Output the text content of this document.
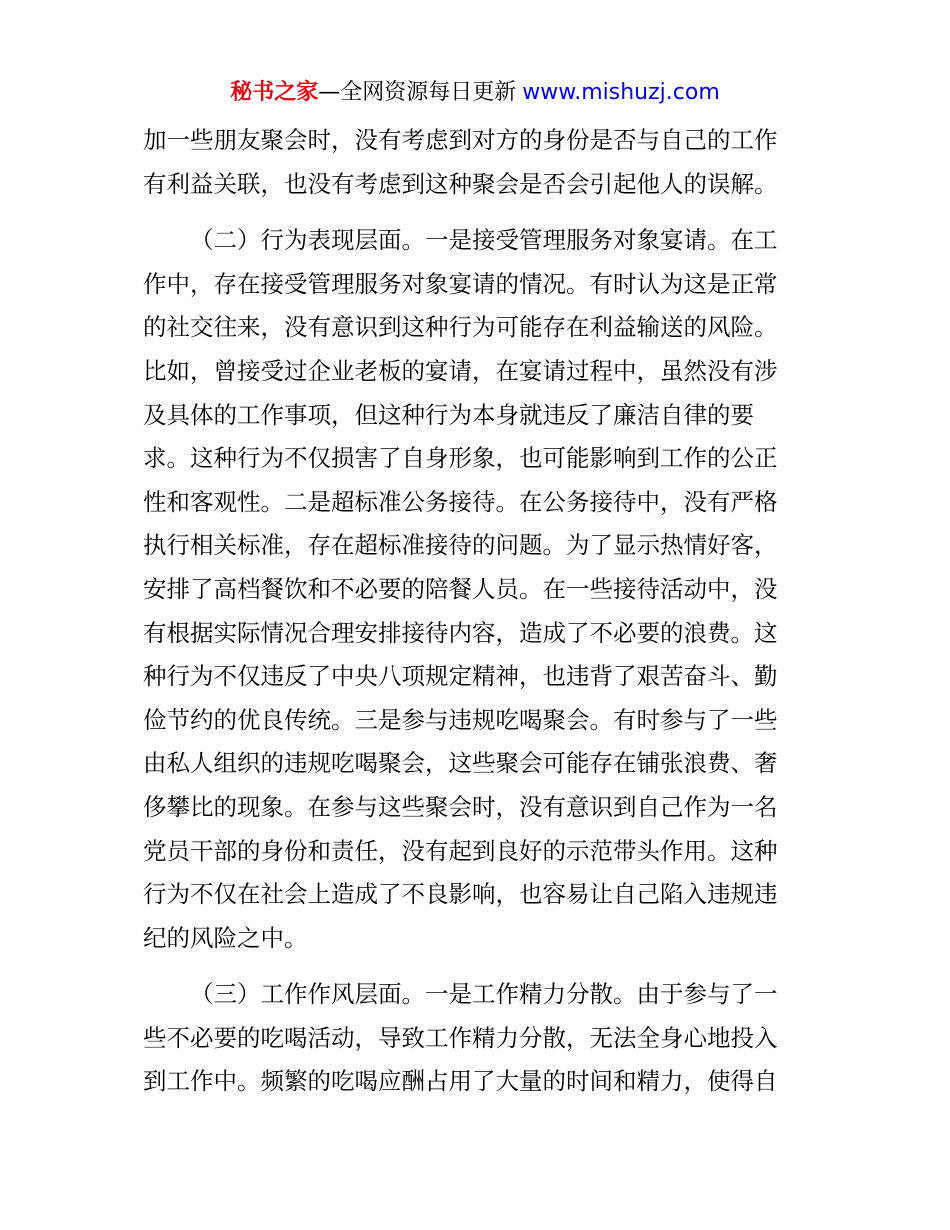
秘书之家—全网资源每日更新 www.mishuzj.com
加一些朋友聚会时，没有考虑到对方的身份是否与自己的工作
有利益关联，也没有考虑到这种聚会是否会引起他人的误解。
（二）行为表现层面。一是接受管理服务对象宴请。在工
作中，存在接受管理服务对象宴请的情况。有时认为这是正常
的社交往来，没有意识到这种行为可能存在利益输送的风险。
比如，曾接受过企业老板的宴请，在宴请过程中，虽然没有涉
及具体的工作事项，但这种行为本身就违反了廉洁自律的要
求。这种行为不仅损害了自身形象，也可能影响到工作的公正
性和客观性。二是超标准公务接待。在公务接待中，没有严格
执行相关标准，存在超标准接待的问题。为了显示热情好客，
安排了高档餐饮和不必要的陪餐人员。在一些接待活动中，没
有根据实际情况合理安排接待内容，造成了不必要的浪费。这
种行为不仅违反了中央八项规定精神，也违背了艰苦奋斗、勤
俭节约的优良传统。三是参与违规吃喝聚会。有时参与了一些
由私人组织的违规吃喝聚会，这些聚会可能存在铺张浪费、奢
侈攀比的现象。在参与这些聚会时，没有意识到自己作为一名
党员干部的身份和责任，没有起到良好的示范带头作用。这种
行为不仅在社会上造成了不良影响，也容易让自己陷入违规违
纪的风险之中。
（三）工作作风层面。一是工作精力分散。由于参与了一
些不必要的吃喝活动，导致工作精力分散，无法全身心地投入
到工作中。频繁的吃喝应酬占用了大量的时间和精力，使得自
